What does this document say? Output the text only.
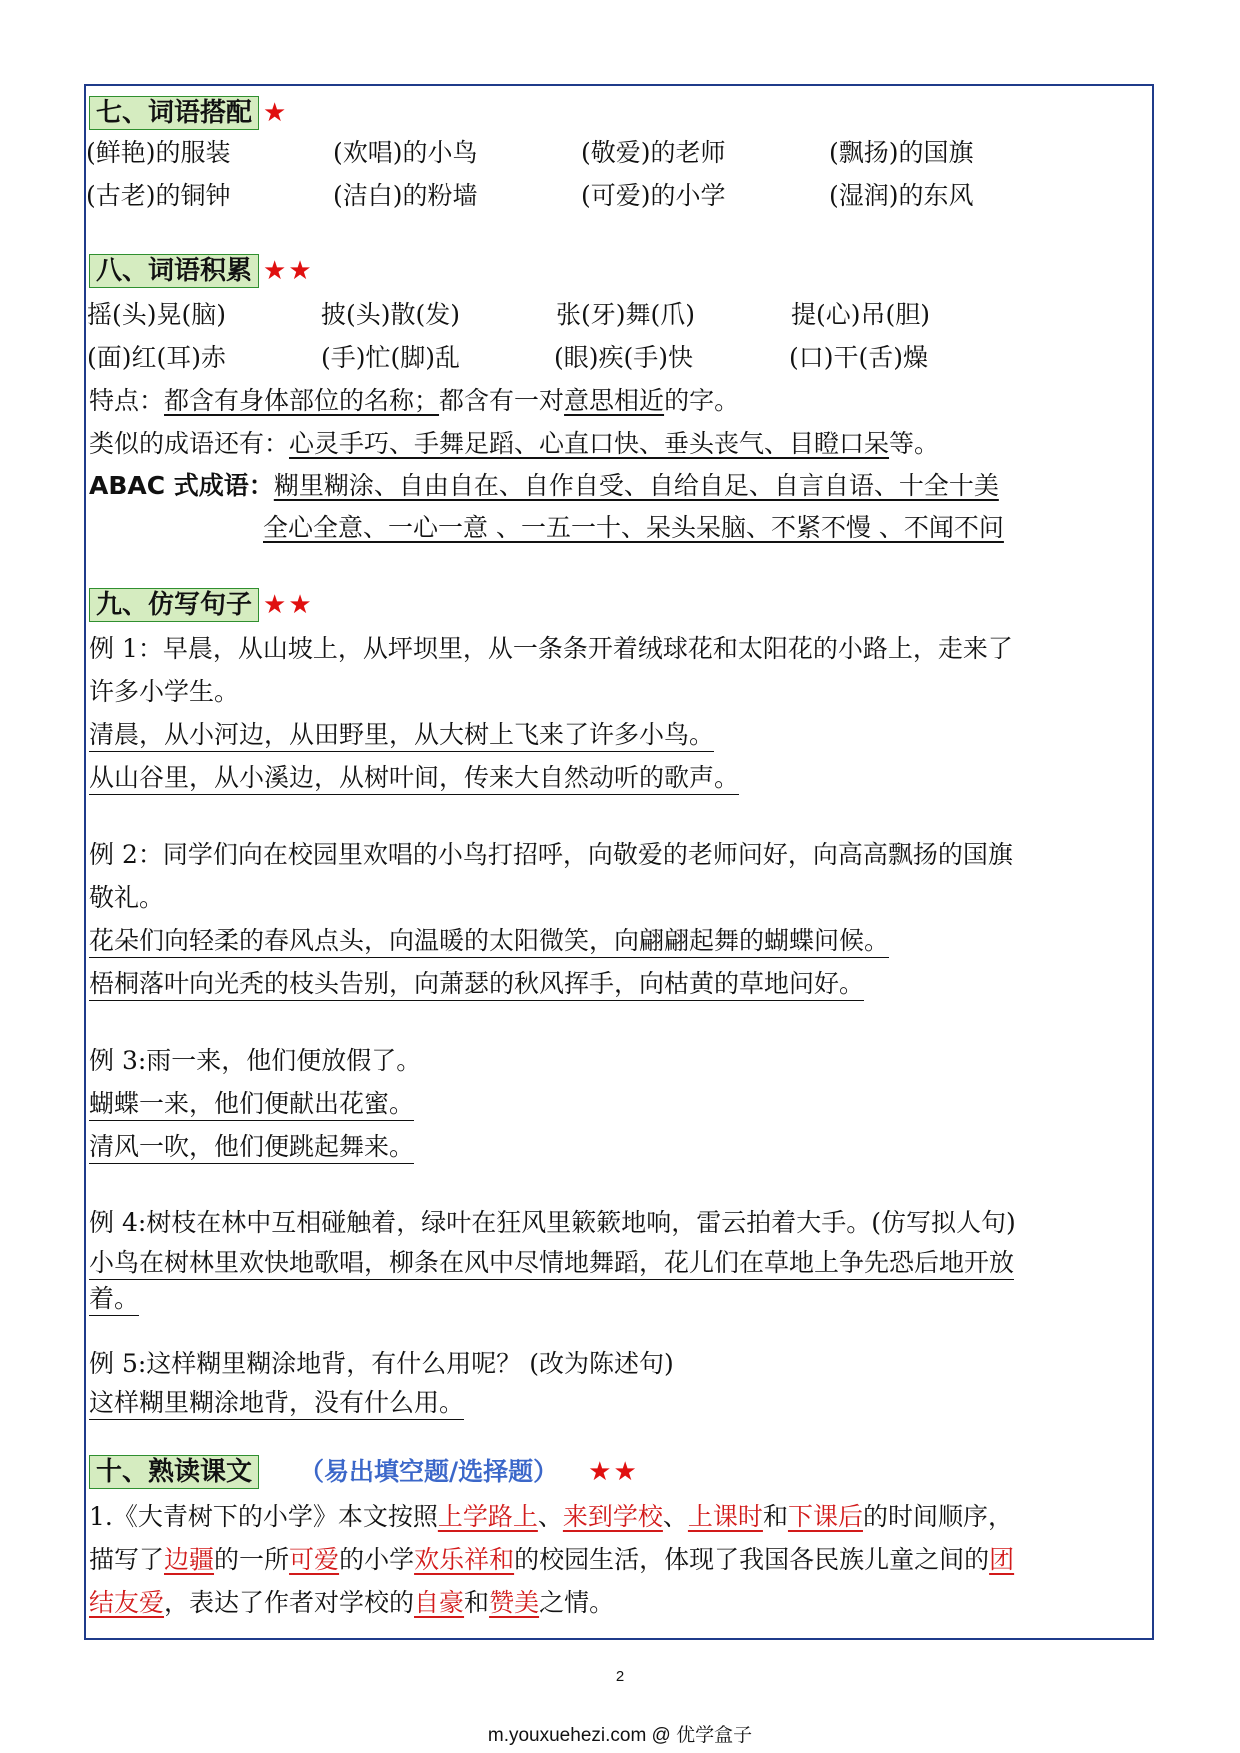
七、词语搭配 ★
(鲜艳)的服装	(欢唱)的小鸟	(敬爱)的老师	(飘扬)的国旗
(古老)的铜钟	(洁白)的粉墙	(可爱)的小学	(湿润)的东风
八、词语积累 ★★
摇(头)晃(脑)	披(头)散(发)	张(牙)舞(爪)	提(心)吊(胆)
(面)红(耳)赤	(手)忙(脚)乱	(眼)疾(手)快	(口)干(舌)燥
特点：都含有身体部位的名称；都含有一对意思相近的字。
类似的成语还有：心灵手巧、手舞足蹈、心直口快、垂头丧气、目瞪口呆等。
ABAC 式成语：糊里糊涂、自由自在、自作自受、自给自足、自言自语、十全十美
全心全意、一心一意 、一五一十、呆头呆脑、不紧不慢 、不闻不问
九、仿写句子 ★★
例 1：早晨，从山坡上，从坪坝里，从一条条开着绒球花和太阳花的小路上，走来了
许多小学生。
清晨，从小河边，从田野里，从大树上飞来了许多小鸟。
从山谷里，从小溪边，从树叶间，传来大自然动听的歌声。
例 2：同学们向在校园里欢唱的小鸟打招呼，向敬爱的老师问好，向高高飘扬的国旗
敬礼。
花朵们向轻柔的春风点头，向温暖的太阳微笑，向翩翩起舞的蝴蝶问候。
梧桐落叶向光秃的枝头告别，向萧瑟的秋风挥手，向枯黄的草地问好。
例 3:雨一来，他们便放假了。
蝴蝶一来，他们便献出花蜜。
清风一吹，他们便跳起舞来。
例 4:树枝在林中互相碰触着，绿叶在狂风里簌簌地响，雷云拍着大手。(仿写拟人句)
小鸟在树林里欢快地歌唱，柳条在风中尽情地舞蹈，花儿们在草地上争先恐后地开放
着。
例 5:这样糊里糊涂地背，有什么用呢？ (改为陈述句)
这样糊里糊涂地背，没有什么用。
十、熟读课文 （易出填空题/选择题） ★★
1.《大青树下的小学》本文按照上学路上、来到学校、上课时和下课后的时间顺序，
描写了边疆的一所可爱的小学欢乐祥和的校园生活，体现了我国各民族儿童之间的团
结友爱，表达了作者对学校的自豪和赞美之情。
2
m.youxuehezi.com @ 优学盒子
